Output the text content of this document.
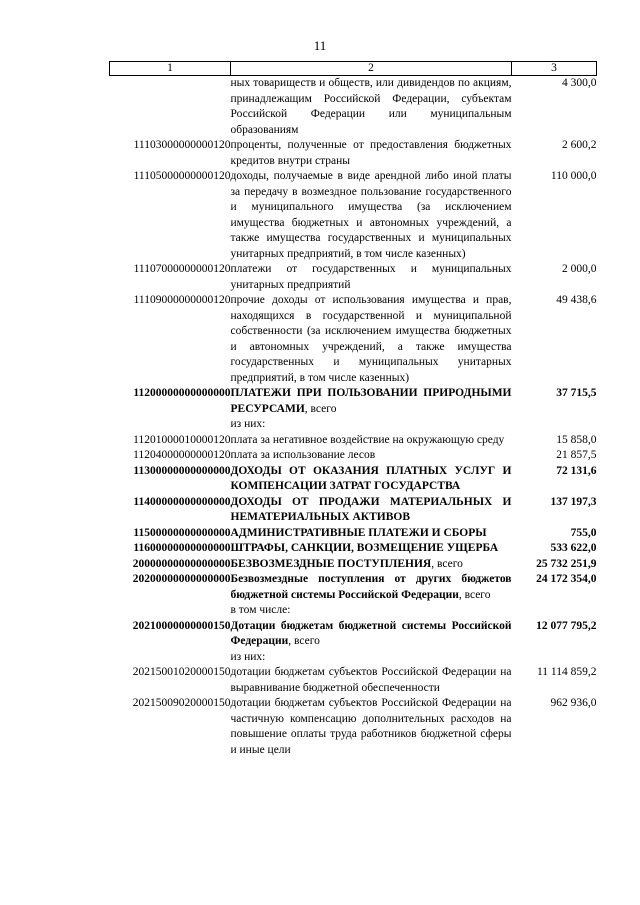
11
1	2	3
	ных товариществ и обществ, или дивидендов по акциям, принадлежащим Российской Федерации, субъектам Российской Федерации или муниципальным образованиям	4 300,0
11103000000000120	проценты, полученные от предоставления бюджетных кредитов внутри страны	2 600,2
11105000000000120	доходы, получаемые в виде арендной либо иной платы за передачу в возмездное пользование государственного и муниципального имущества (за исключением имущества бюджетных и автономных учреждений, а также имущества государственных и муниципальных унитарных предприятий, в том числе казенных)	110 000,0
11107000000000120	платежи от государственных и муниципальных унитарных предприятий	2 000,0
11109000000000120	прочие доходы от использования имущества и прав, находящихся в государственной и муниципальной собственности (за исключением имущества бюджетных и автономных учреждений, а также имущества государственных и муниципальных унитарных предприятий, в том числе казенных)	49 438,6
11200000000000000	ПЛАТЕЖИ ПРИ ПОЛЬЗОВАНИИ ПРИРОДНЫМИ РЕСУРСАМИ, всего	37 715,5
	из них:	
11201000010000120	плата за негативное воздействие на окружающую среду	15 858,0
11204000000000120	плата за использование лесов	21 857,5
11300000000000000	ДОХОДЫ ОТ ОКАЗАНИЯ ПЛАТНЫХ УСЛУГ И КОМПЕНСАЦИИ ЗАТРАТ ГОСУДАРСТВА	72 131,6
11400000000000000	ДОХОДЫ ОТ ПРОДАЖИ МАТЕРИАЛЬНЫХ И НЕМАТЕРИАЛЬНЫХ АКТИВОВ	137 197,3
11500000000000000	АДМИНИСТРАТИВНЫЕ ПЛАТЕЖИ И СБОРЫ	755,0
11600000000000000	ШТРАФЫ, САНКЦИИ, ВОЗМЕЩЕНИЕ УЩЕРБА	533 622,0
20000000000000000	БЕЗВОЗМЕЗДНЫЕ ПОСТУПЛЕНИЯ, всего	25 732 251,9
20200000000000000	Безвозмездные поступления от других бюджетов бюджетной системы Российской Федерации, всего	24 172 354,0
	в том числе:	
20210000000000150	Дотации бюджетам бюджетной системы Российской Федерации, всего	12 077 795,2
	из них:	
20215001020000150	дотации бюджетам субъектов Российской Федерации на выравнивание бюджетной обеспеченности	11 114 859,2
20215009020000150	дотации бюджетам субъектов Российской Федерации на частичную компенсацию дополнительных расходов на повышение оплаты труда работников бюджетной сферы и иные цели	962 936,0
